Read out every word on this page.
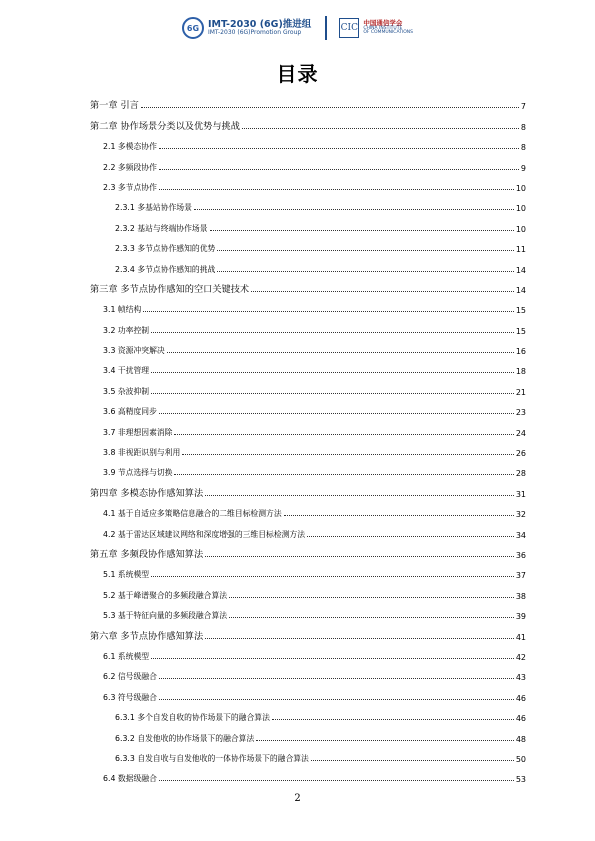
6G IMT-2030 (6G)推进组
IMT-2030 (6G)Promotion Group	CIC
中国通信学会
CHINA INSTITUTE
OF COMMUNICATIONS
目录
第一章 引言	7
第二章 协作场景分类以及优势与挑战	8
2.1 多模态协作	8
2.2 多频段协作	9
2.3 多节点协作	10
2.3.1 多基站协作场景	10
2.3.2 基站与终端协作场景	10
2.3.3 多节点协作感知的优势	11
2.3.4 多节点协作感知的挑战	14
第三章 多节点协作感知的空口关键技术	14
3.1 帧结构	15
3.2 功率控制	15
3.3 资源冲突解决	16
3.4 干扰管理	18
3.5 杂波抑制	21
3.6 高精度同步	23
3.7 非理想因素消除	24
3.8 非视距识别与利用	26
3.9 节点选择与切换	28
第四章 多模态协作感知算法	31
4.1 基于自适应多策略信息融合的二维目标检测方法	32
4.2 基于雷达区域建议网络和深度增强的三维目标检测方法	34
第五章 多频段协作感知算法	36
5.1 系统模型	37
5.2 基于峰谱聚合的多频段融合算法	38
5.3 基于特征向量的多频段融合算法	39
第六章 多节点协作感知算法	41
6.1 系统模型	42
6.2 信号级融合	43
6.3 符号级融合	46
6.3.1 多个自发自收的协作场景下的融合算法	46
6.3.2 自发他收的协作场景下的融合算法	48
6.3.3 自发自收与自发他收的一体协作场景下的融合算法	50
6.4 数据级融合	53
2
